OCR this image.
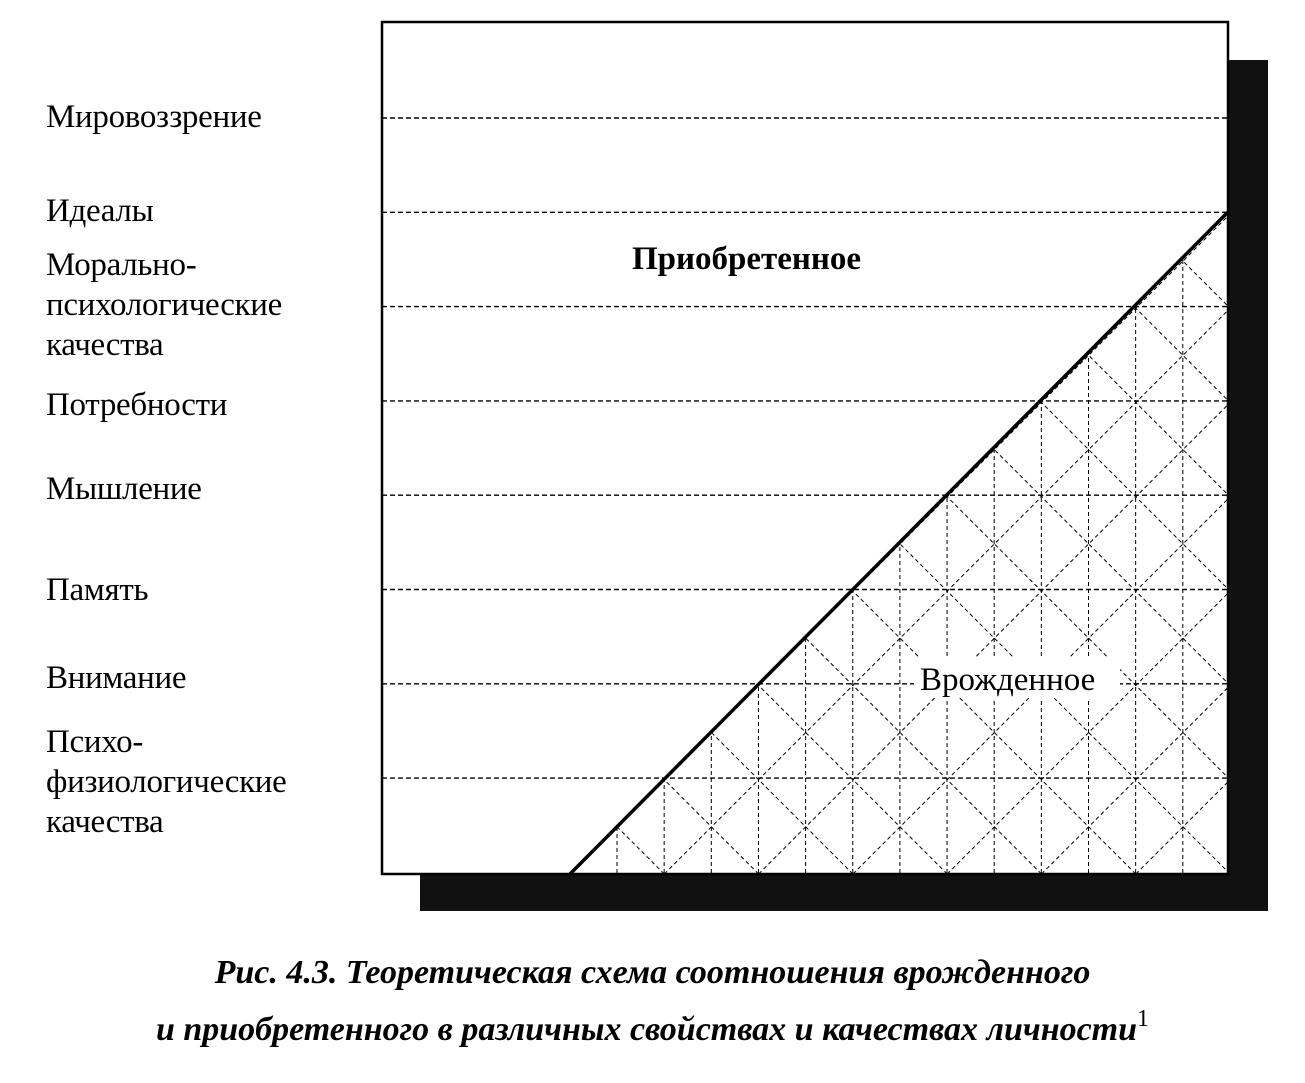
Мировоззрение
Идеалы
Морально-
психологические
качества
Потребности
Мышление
Память
Внимание
Психо-
физиологические
качества
Приобретенное
Врожденное
Рис. 4.3. Теоретическая схема соотношения врожденного
и приобретенного в различных свойствах и качествах личности$^1$
